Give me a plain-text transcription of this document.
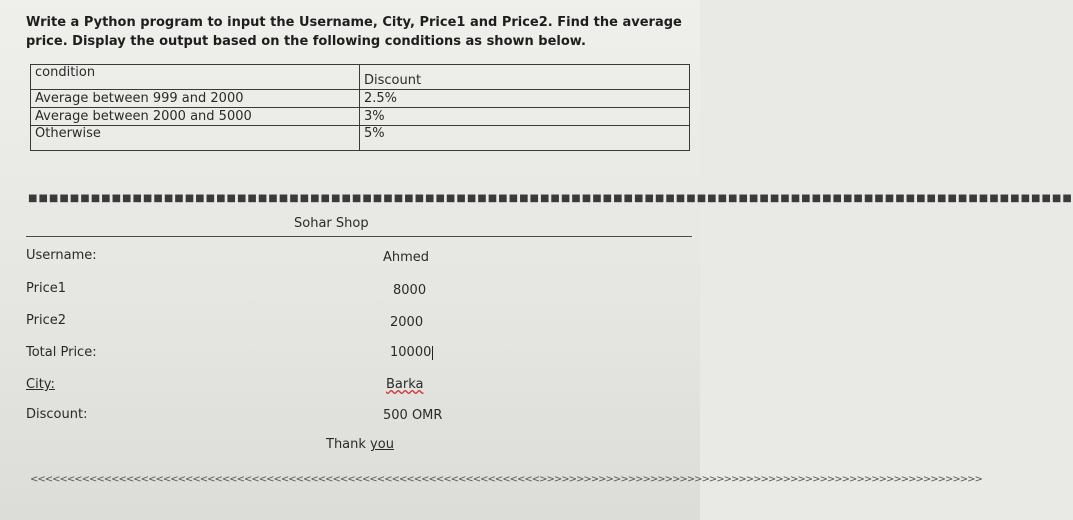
Write a Python program to input the Username, City, Price1 and Price2. Find the average price. Display the output based on the following conditions as shown below.
condition	Discount
Average between 999 and 2000	2.5%
Average between 2000 and 5000	3%
Otherwise	5%
■■■■■■■■■■■■■■■■■■■■■■■■■■■■■■■■■■■■■■■■■■■■■■■■■■■■■■■■■■■■■■■■■■■■■■■■■■■■■■■■■■■■■■■■■■■■■■■■■■■■
Sohar Shop
Username:	Ahmed
Price1	8000
Price2	2000
Total Price:	10000
City:	Barka
Discount:	500 OMR
Thank you
<<<<<<<<<<<<<<<<<<<<<<<<<<<<<<<<<<<<<<<<<<<<<<<<<<<<<<<<<<<<<<<<<<<<<>>>>>>>>>>>>>>>>>>>>>>>>>>>>>>>>>>>>>>>>>>>>>>>>>>>>>>>>>>>>
